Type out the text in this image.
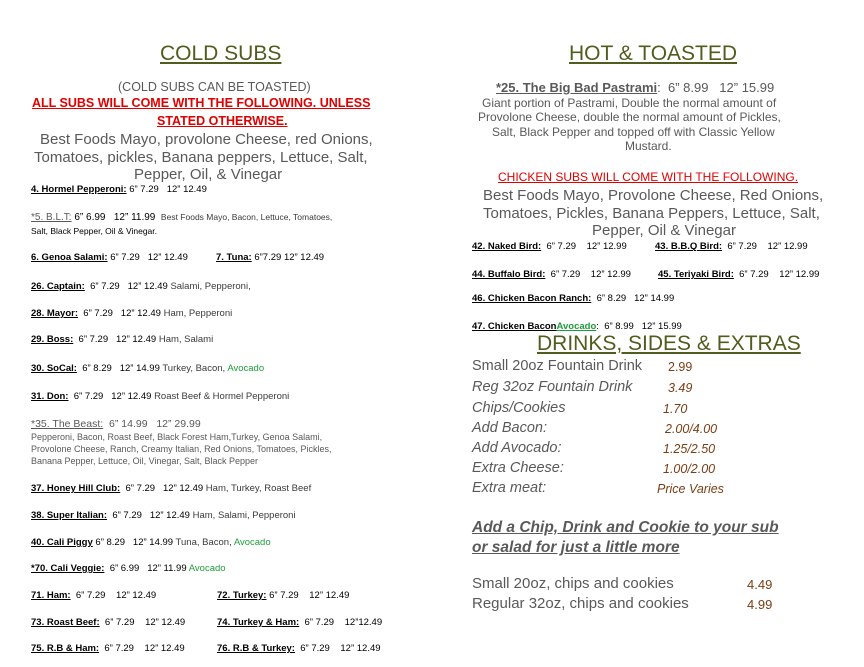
COLD SUBS
(COLD SUBS CAN BE TOASTED)
ALL SUBS WILL COME WITH THE FOLLOWING. UNLESS
STATED OTHERWISE.
Best Foods Mayo, provolone Cheese, red Onions,
Tomatoes, pickles, Banana peppers, Lettuce, Salt,
Pepper, Oil, & Vinegar
4. Hormel Pepperoni: 6” 7.29 12” 12.49
*5. B.L.T: 6” 6.99 12” 11.99 Best Foods Mayo, Bacon, Lettuce, Tomatoes,
Salt, Black Pepper, Oil & Vinegar.
6. Genoa Salami: 6” 7.29 12” 12.49	7. Tuna: 6”7.29 12” 12.49
26. Captain: 6” 7.29 12” 12.49 Salami, Pepperoni,
28. Mayor: 6” 7.29 12” 12.49 Ham, Pepperoni
29. Boss: 6” 7.29 12” 12.49 Ham, Salami
30. SoCal: 6” 8.29 12” 14.99 Turkey, Bacon, Avocado
31. Don: 6” 7.29 12” 12.49 Roast Beef & Hormel Pepperoni
*35. The Beast: 6” 14.99 12” 29.99
Pepperoni, Bacon, Roast Beef, Black Forest Ham,Turkey, Genoa Salami,
Provolone Cheese, Ranch, Creamy Italian, Red Onions, Tomatoes, Pickles,
Banana Pepper, Lettuce, Oil, Vinegar, Salt, Black Pepper
37. Honey Hill Club: 6” 7.29 12” 12.49 Ham, Turkey, Roast Beef
38. Super Italian: 6” 7.29 12” 12.49 Ham, Salami, Pepperoni
40. Cali Piggy 6” 8.29 12” 14.99 Tuna, Bacon, Avocado
*70. Cali Veggie: 6” 6.99 12” 11.99 Avocado
71. Ham: 6” 7.29 12” 12.49	72. Turkey: 6” 7.29 12” 12.49
73. Roast Beef: 6” 7.29 12” 12.49	74. Turkey & Ham: 6” 7.29 12”12.49
75. R.B & Ham: 6” 7.29 12” 12.49	76. R.B & Turkey: 6” 7.29 12” 12.49
HOT & TOASTED
*25. The Big Bad Pastrami:  6” 8.99 12” 15.99
Giant portion of Pastrami, Double the normal amount of
Provolone Cheese, double the normal amount of Pickles,
Salt, Black Pepper and topped off with Classic Yellow
Mustard.
CHICKEN SUBS WILL COME WITH THE FOLLOWING.
Best Foods Mayo, Provolone Cheese, Red Onions,
Tomatoes, Pickles, Banana Peppers, Lettuce, Salt,
Pepper, Oil & Vinegar
42. Naked Bird: 6” 7.29 12” 12.99	43. B.B.Q Bird: 6” 7.29 12” 12.99
44. Buffalo Bird: 6” 7.29 12” 12.99	45. Teriyaki Bird: 6” 7.29 12” 12.99
46. Chicken Bacon Ranch: 6” 8.29 12” 14.99
47. Chicken BaconAvocado:  6” 8.99 12” 15.99
DRINKS, SIDES & EXTRAS
Small 20oz Fountain Drink 2.99
Reg 32oz Fountain Drink	3.49
Chips/Cookies	1.70
Add Bacon:	2.00/4.00
Add Avocado:	1.25/2.50
Extra Cheese:	1.00/2.00
Extra meat:	Price Varies
Add a Chip, Drink and Cookie to your sub
or salad for just a little more
Small 20oz, chips and cookies	4.49
Regular 32oz, chips and cookies	4.99
